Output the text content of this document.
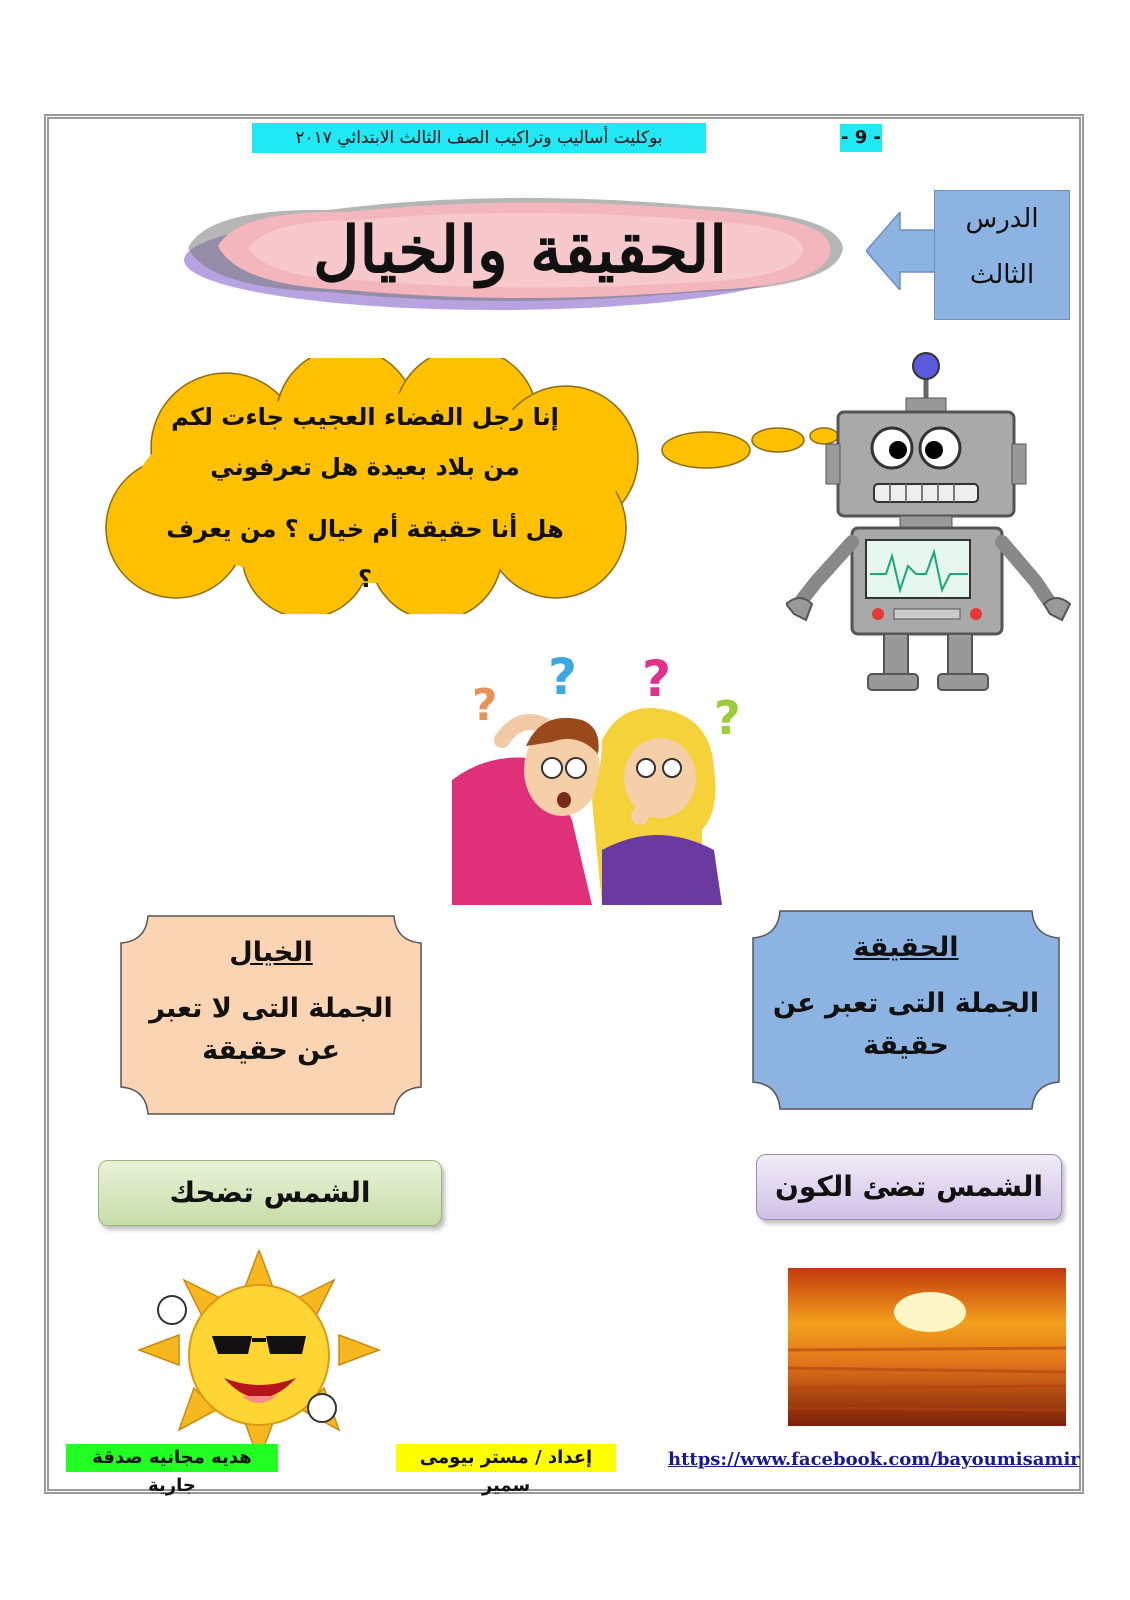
بوكليت أساليب وتراكيب الصف الثالث الابتدائي ٢٠١٧	- 9 -
الدرس
الثالث
الحقيقة والخيال
إنا رجل الفضاء العجيب جاءت لكم
من بلاد بعيدة هل تعرفوني
هل أنا حقيقة أم خيال ؟ من يعرف ؟
? ? ?
?
الخيال
الجملة التى لا تعبر عن حقيقة
الحقيقة
الجملة التى تعبر عن حقيقة
الشمس تضحك	الشمس تضئ الكون
هديه مجانيه صدقة جارية
إعداد / مستر بيومى سمير
https://www.facebook.com/bayoumisamir
